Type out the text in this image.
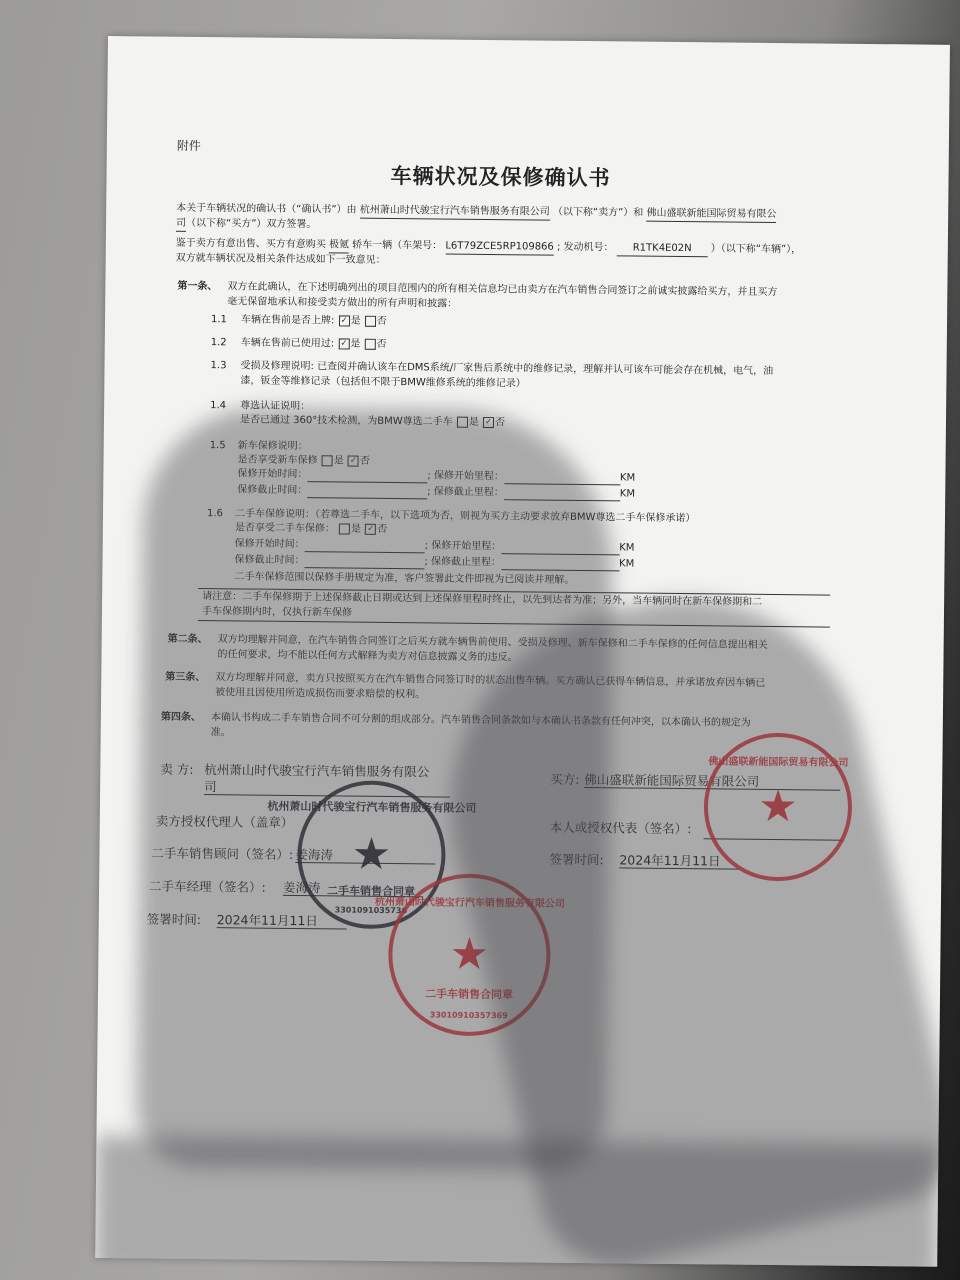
附件
车辆状况及保修确认书
本关于车辆状况的确认书（“确认书”）由 杭州萧山时代骏宝行汽车销售服务有限公司 （以下称“卖方”）和 佛山盛联新能国际贸易有限公
司（以下称“买方”）双方签署。
鉴于卖方有意出售、买方有意购买 极氪 轿车一辆（车架号： L6T79ZCE5RP109866 ; 发动机号： R1TK4E02N ）（以下称“车辆”），
双方就车辆状况及相关条件达成如下一致意见：
第一条、 双方在此确认，在下述明确列出的项目范围内的所有相关信息均已由卖方在汽车销售合同签订之前诚实披露给买方，并且买方
毫无保留地承认和接受卖方做出的所有声明和披露：
1.1 车辆在售前是否上牌: ✓ 是 否
1.2 车辆在售前已使用过: ✓ 是 否
1.3 受损及修理说明: 已查阅并确认该车在DMS系统/厂家售后系统中的维修记录，理解并认可该车可能会存在机械，电气，油
漆，钣金等维修记录（包括但不限于BMW维修系统的维修记录）
1.4 尊选认证说明：
是否已通过 360°技术检测，为BMW尊选二手车 是 ✓ 否
1.5 新车保修说明：
是否享受新车保修 是 ✓ 否
保修开始时间：	; 保修开始里程：	KM
保修截止时间：	; 保修截止里程：	KM
1.6 二手车保修说明：（若尊选二手车，以下选项为否，则视为买方主动要求放弃BMW尊选二手车保修承诺）
是否享受二手车保修： 是 ✓ 否
保修开始时间：	; 保修开始里程：	KM
保修截止时间：	; 保修截止里程：	KM
二手车保修范围以保修手册规定为准，客户签署此文件即视为已阅读并理解。
请注意：二手车保修期于上述保修截止日期或达到上述保修里程时终止，以先到达者为准；另外，当车辆同时在新车保修期和二
手车保修期内时，仅执行新车保修
第二条、 双方均理解并同意，在汽车销售合同签订之后买方就车辆售前使用、受损及修理、新车保修和二手车保修的任何信息提出相关
的任何要求，均不能以任何方式解释为卖方对信息披露义务的违反。
第三条、 双方均理解并同意，卖方只按照买方在汽车销售合同签订时的状态出售车辆。买方确认已获得车辆信息，并承诺放弃因车辆已
被使用且因使用所造成损伤而要求赔偿的权利。
第四条、 本确认书构成二手车销售合同不可分割的组成部分。汽车销售合同条款如与本确认书条款有任何冲突，以本确认书的规定为
准。
卖 方: 杭州萧山时代骏宝行汽车销售服务有限公
司	买方: 佛山盛联新能国际贸易有限公司
卖方授权代理人（盖章）	本人或授权代表（签名）:
二手车销售顾问（签名）: 姜海涛	签署时间: 2024年11月11日
二手车经理（签名）: 姜海涛
签署时间: 2024年11月11日
★
杭州萧山时代骏宝行汽车销售服务有限公司
二手车销售合同章
3301091035736
★
杭州萧山时代骏宝行汽车销售服务有限公司
二手车销售合同章
33010910357369
★
佛山盛联新能国际贸易有限公司
